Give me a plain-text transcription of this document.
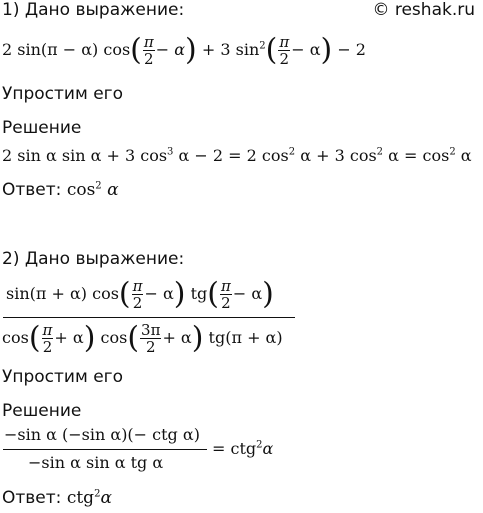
© reshak.ru
1) Дано выражение:
2 sin(π − α) $\cos( \frac{\pi}{2} - \alpha) + 3$ $\sin^2( \frac{\pi}{2} - \alpha) - 2$
Упростим его
Решение
2 sin α sin α + 3 $\cos^3 \alpha - 2 = 2$ $\cos^2 \alpha + 3$ $\cos^2 \alpha = \cos^2 \alpha$
Ответ: $\cos^2 \alpha$
2) Дано выражение:
sin(π + α) $\cos( \frac{\pi}{2} - \alpha)$ $tg( \frac{\pi}{2} - \alpha)$
$\cos( \frac{\pi}{2} + \alpha)$ $\cos( \frac{3\pi}{2} + \alpha)$ tg(π + α)
Упростим его
Решение
−sin α (−sin α)(− ctg α)
−sin α sin α tg α
= ctg$^2$α
Ответ: ctg$^2$α
